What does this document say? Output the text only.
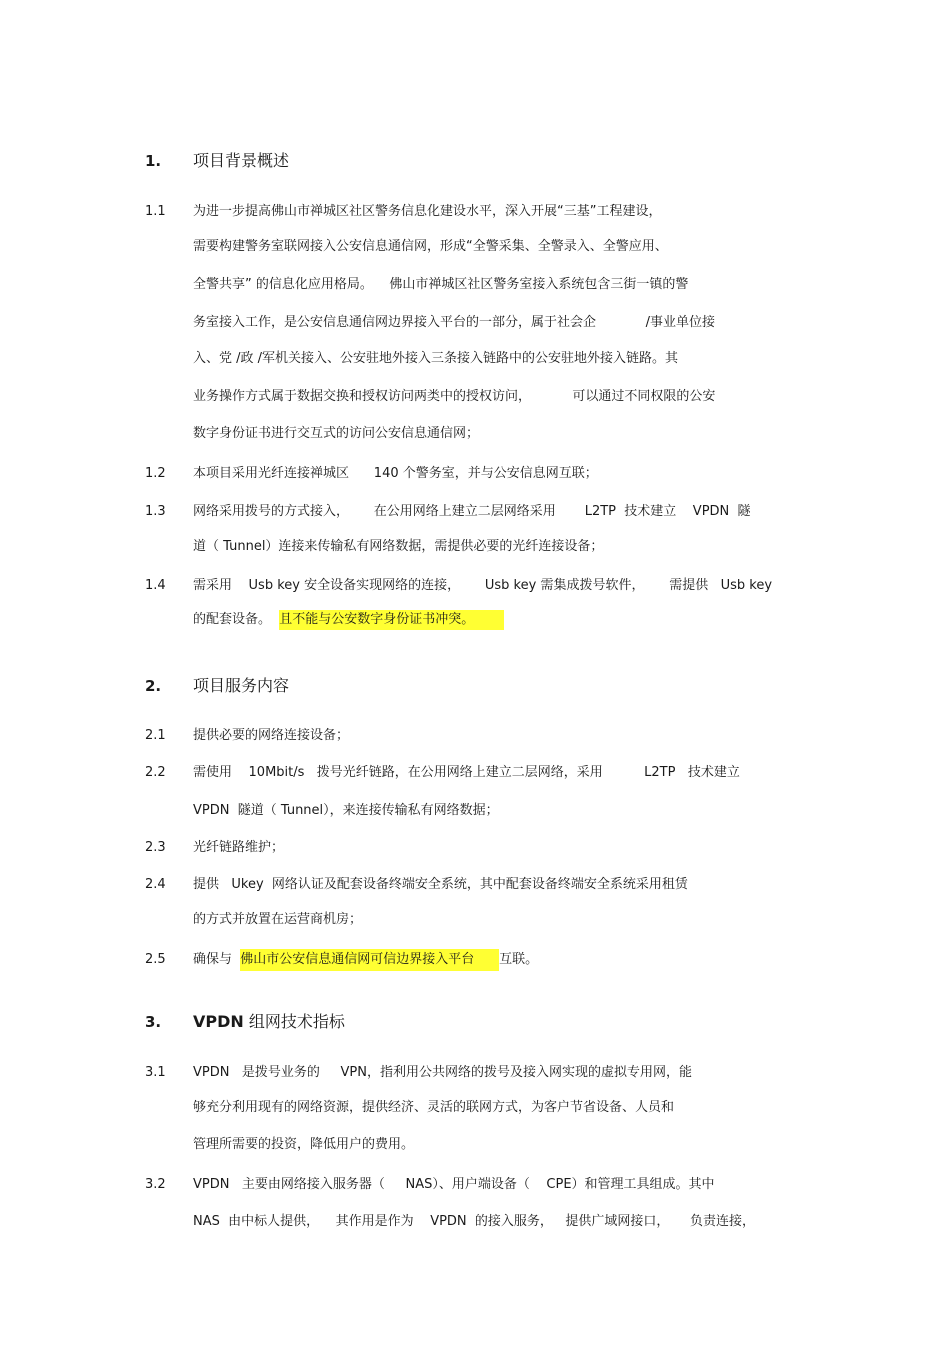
1. 项目背景概述
1.1 为进一步提高佛山市禅城区社区警务信息化建设水平，深入开展“三基”工程建设，
需要构建警务室联网接入公安信息通信网，形成“全警采集、全警录入、全警应用、
全警共享” 的信息化应用格局。    佛山市禅城区社区警务室接入系统包含三街一镇的警
务室接入工作，是公安信息通信网边界接入平台的一部分，属于社会企            /事业单位接
入、党 /政 /军机关接入、公安驻地外接入三条接入链路中的公安驻地外接入链路。其
业务操作方式属于数据交换和授权访问两类中的授权访问，          可以通过不同权限的公安
数字身份证书进行交互式的访问公安信息通信网；
1.2 本项目采用光纤连接禅城区      140 个警务室，并与公安信息网互联；
1.3 网络采用拨号的方式接入，      在公用网络上建立二层网络采用       L2TP  技术建立    VPDN  隧
道（ Tunnel）连接来传输私有网络数据，需提供必要的光纤连接设备；
1.4 需采用    Usb key 安全设备实现网络的连接，      Usb key 需集成拨号软件，      需提供   Usb key
的配套设备。  且不能与公安数字身份证书冲突。
2. 项目服务内容
2.1 提供必要的网络连接设备；
2.2 需使用    10Mbit/s   拨号光纤链路，在公用网络上建立二层网络，采用          L2TP   技术建立
VPDN  隧道（ Tunnel），来连接传输私有网络数据；
2.3 光纤链路维护；
2.4 提供   Ukey  网络认证及配套设备终端安全系统，其中配套设备终端安全系统采用租赁
的方式并放置在运营商机房；
2.5 确保与  佛山市公安信息通信网可信边界接入平台      互联。
3. VPDN 组网技术指标
3.1 VPDN   是拨号业务的     VPN，指利用公共网络的拨号及接入网实现的虚拟专用网，能
够充分利用现有的网络资源，提供经济、灵活的联网方式，为客户节省设备、人员和
管理所需要的投资，降低用户的费用。
3.2 VPDN   主要由网络接入服务器（     NAS）、用户端设备（    CPE）和管理工具组成。其中
NAS  由中标人提供，    其作用是作为    VPDN  的接入服务，   提供广域网接口，     负责连接，
